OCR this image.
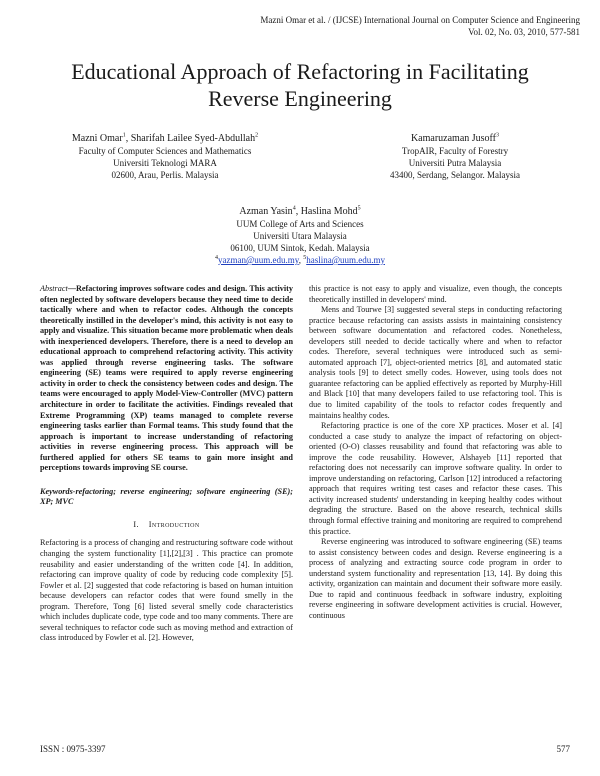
Mazni Omar et al. / (IJCSE) International Journal on Computer Science and Engineering
Vol. 02, No. 03, 2010, 577-581
Educational Approach of Refactoring in Facilitating
Reverse Engineering
Mazni Omar$^1$, Sharifah Lailee Syed-Abdullah$^2$
Faculty of Computer Sciences and Mathematics
Universiti Teknologi MARA
02600, Arau, Perlis. Malaysia
Kamaruzaman Jusoff$^3$
TropAIR, Faculty of Forestry
Universiti Putra Malaysia
43400, Serdang, Selangor. Malaysia
Azman Yasin$^4$, Haslina Mohd$^5$
UUM College of Arts and Sciences
Universiti Utara Malaysia
06100, UUM Sintok, Kedah. Malaysia
$^4$yazman@uum.edu.my, $^5$haslina@uum.edu.my

Abstract—Refactoring improves software codes and design. This activity often neglected by software developers because they need time to decide tactically where and when to refactor codes. Although the concepts theoretically instilled in the developer's mind, this activity is not easy to apply and visualize. This situation became more problematic when deals with inexperienced developers. Therefore, there is a need to develop an educational approach to comprehend refactoring activity. This activity was applied through reverse engineering tasks. The software engineering (SE) teams were required to apply reverse engineering activity in order to check the consistency between codes and design. The teams were encouraged to apply Model-View-Controller (MVC) pattern architecture in order to facilitate the activities. Findings revealed that Extreme Programming (XP) teams managed to complete reverse engineering tasks earlier than Formal teams. This study found that the approach is important to increase understanding of refactoring activities in reverse engineering process. This approach will be furthered applied for others SE teams to gain more insight and perceptions towards improving SE course.

Keywords-refactoring; reverse engineering; software engineering (SE); XP; MVC

I. Introduction

Refactoring is a process of changing and restructuring software code without changing the system functionality [1],[2],[3] . This practice can promote reusability and easier understanding of the written code [4]. In addition, refactoring can improve quality of code by reducing code complexity [5]. Fowler et al. [2] suggested that code refactoring is based on human intuition because developers can refactor codes that were found smelly in the program. Therefore, Tong [6] listed several smelly code characteristics which includes duplicate code, type code and too many comments. There are several techniques to refactor code such as moving method and extraction of class introduced by Fowler et al. [2]. However,

this practice is not easy to apply and visualize, even though, the concepts theoretically instilled in developers' mind.

Mens and Tourwe [3] suggested several steps in conducting refactoring practice because refactoring can assists assists in maintaining consistency between software documentation and refactored codes. Nonetheless, developers still needed to decide tactically where and when to refactor codes. Therefore, several techniques were introduced such as semi-automated approach [7], object-oriented metrics [8], and automated static analysis tools [9] to detect smelly codes. However, using tools does not guarantee refactoring can be applied effectively as reported by Murphy-Hill and Black [10] that many developers failed to use refactoring tool. This is due to limited capability of the tools to refactor codes frequently and maintains healthy codes.

Refactoring practice is one of the core XP practices. Moser et al. [4] conducted a case study to analyze the impact of refactoring on object-oriented (O-O) classes reusability and found that refactoring was able to improve the code reusability. However, Alshayeb [11] reported that refactoring does not necessarily can improve software quality. In order to improve understanding on refactoring, Carlson [12] introduced a refactoring approach that requires writing test cases and refactor these cases. This activity increased students' understanding in keeping healthy codes without degrading the structure. Based on the above research, technical skills through formal effective training and monitoring are required to comprehend this practice.

Reverse engineering was introduced to software engineering (SE) teams to assist consistency between codes and design. Reverse engineering is a process of analyzing and extracting source code program in order to understand system functionality and representation [13, 14]. By doing this activity, organization can maintain and document their software more easily. Due to rapid and continuous feedback in software industry, exploiting reverse engineering in software development activities is crucial. However, continuous

ISSN : 0975-3397	577
